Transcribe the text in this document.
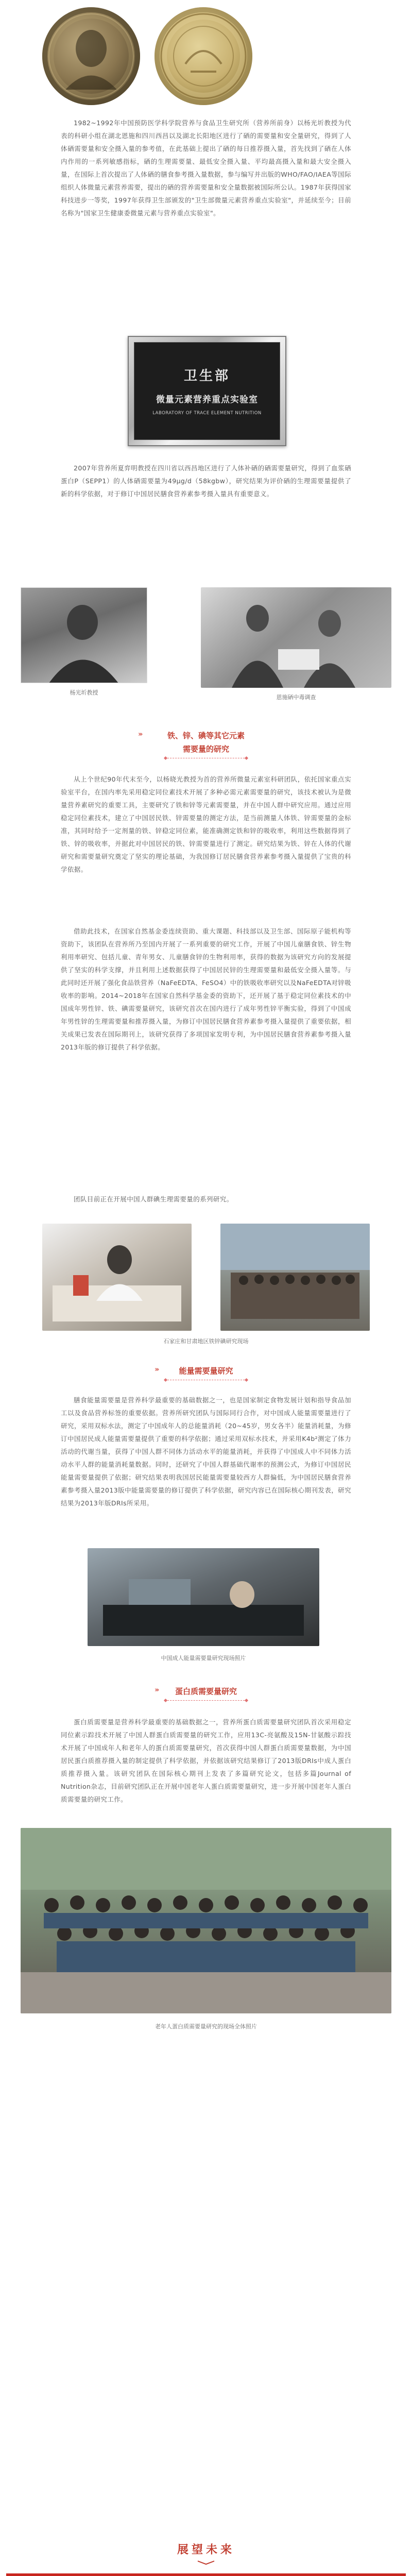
1982~1992年中国预防医学科学院营养与食品卫生研究所（营养所前身）以杨光圻教授为代表的科研小组在湖北恩施和四川西昌以及湖北长阳地区进行了硒的需要量和安全量研究，得到了人体硒需要量和安全摄入量的参考值，在此基础上提出了硒的每日推荐摄入量，首先找到了硒在人体内作用的一系列敏感指标，硒的生理需要量、最低安全摄入量、平均最高摄入量和最大安全摄入量，在国际上首次提出了人体硒的膳食参考摄入量数据，参与编写并出版的WHO/FAO/IAEA等国际组织人体微量元素营养需要，提出的硒的营养需要量和安全量数据被国际所公认。1987年获得国家科技进步一等奖，1997年获得卫生部颁发的"卫生部微量元素营养重点实验室"，并延续至今；目前名称为"国家卫生健康委微量元素与营养重点实验室"。

卫生部
微量元素营养重点实验室
LABORATORY OF TRACE ELEMENT NUTRITION

2007年营养所夏弈明教授在四川省以西昌地区进行了人体补硒的硒需要量研究，得到了血浆硒蛋白P（SEPP1）的人体硒需要量为49μg/d（58kgbw），研究结果为评价硒的生理需要量提供了新的科学依据，对于修订中国居民膳食营养素参考摄入量具有重要意义。

杨光圻教授
恩施硒中毒调查

铁、锌、碘等其它元素

需要量的研究

›››

从上个世纪90年代末至今，以杨晓光教授为首的营养所微量元素室科研团队，依托国家重点实验室平台，在国内率先采用稳定同位素技术开展了多种必需元素需要量的研究，该技术被认为是微量营养素研究的重要工具，主要研究了铁和锌等元素需要量，并在中国人群中研究应用。通过应用稳定同位素技术，建立了中国居民铁、锌需要量的测定方法，是当前测量人体铁、锌需要量的金标准，其同时给予一定剂量的铁、锌稳定同位素，能准确测定铁和锌的吸收率，利用这些数据得到了铁、锌的吸收率，并据此对中国居民的铁、锌需要量进行了测定。研究结果为铁、锌在人体的代谢研究和需要量研究奠定了坚实的理论基础，为我国修订居民膳食营养素参考摄入量提供了宝贵的科学依据。

借助此技术，在国家自然基金委连续资助、重大课题、科技部以及卫生部、国际原子能机构等资助下，该团队在营养所乃至国内开展了一系列重要的研究工作，开展了中国儿童膳食铁、锌生物利用率研究、包括儿童、青年男女、儿童膳食锌的生物利用率，获得的数据为该研究方向的发展提供了坚实的科学支撑，并且利用上述数据获得了中国居民锌的生理需要量和最低安全摄入量等。与此同时还开展了强化食品铁营养（NaFeEDTA、FeSO4）中的铁吸收率研究以及NaFeEDTA对锌吸收率的影响。2014~2018年在国家自然科学基金委的资助下，还开展了基于稳定同位素技术的中国成年男性锌、铁、碘需要量研究，该研究首次在国内进行了成年男性锌平衡实验，得到了中国成年男性锌的生理需要量和推荐摄入量，为修订中国居民膳食营养素参考摄入量提供了重要依据，相关成果已发表在国际期刊上，该研究获得了多项国家发明专利，为中国居民膳食营养素参考摄入量2013年版的修订提供了科学依据。

团队目前正在开展中国人群碘生理需要量的系列研究。

石家庄和甘肃地区铁锌碘研究现场

能量需要量研究

›››

膳食能量需要量是营养科学最重要的基础数据之一，也是国家制定食物发展计划和指导食品加工以及食品营养标签的重要依据。营养所研究团队与国际同行合作，对中国成人能量需要量进行了研究，采用双标水法，测定了中国成年人的总能量消耗（20~45岁，男女各半）能量消耗量，为修订中国居民成人能量需要量提供了重要的科学依据；通过采用双标水技术，并采用K4b²测定了体力活动的代谢当量，获得了中国人群不同体力活动水平的能量消耗，并获得了中国成人中不同体力活动水平人群的能量消耗量数据。同时，还研究了中国人群基础代谢率的预测公式，为修订中国居民能量需要量提供了依据；研究结果表明我国居民能量需要量较西方人群偏低，为中国居民膳食营养素参考摄入量2013版中能量需要量的修订提供了科学依据，研究内容已在国际核心期刊发表，研究结果为2013年版DRIs所采用。

中国成人能量需要量研究现场照片

蛋白质需要量研究

›››

蛋白质需要量是营养科学最重要的基础数据之一，营养所蛋白质需要量研究团队首次采用稳定同位素示踪技术开展了中国人群蛋白质需要量的研究工作，应用13C-亮氨酸及15N-甘氨酸示踪技术开展了中国成年人和老年人的蛋白质需要量研究，首次获得中国人群蛋白质需要量数据，为中国居民蛋白质推荐摄入量的制定提供了科学依据，并依据该研究结果修订了2013版DRIs中成人蛋白质推荐摄入量。该研究团队在国际核心期刊上发表了多篇研究论文，包括多篇Journal of Nutrition杂志，目前研究团队正在开展中国老年人蛋白质需要量研究，进一步开展中国老年人蛋白质需要量的研究工作。

老年人蛋白质需要量研究的现场全体照片

展望未来
